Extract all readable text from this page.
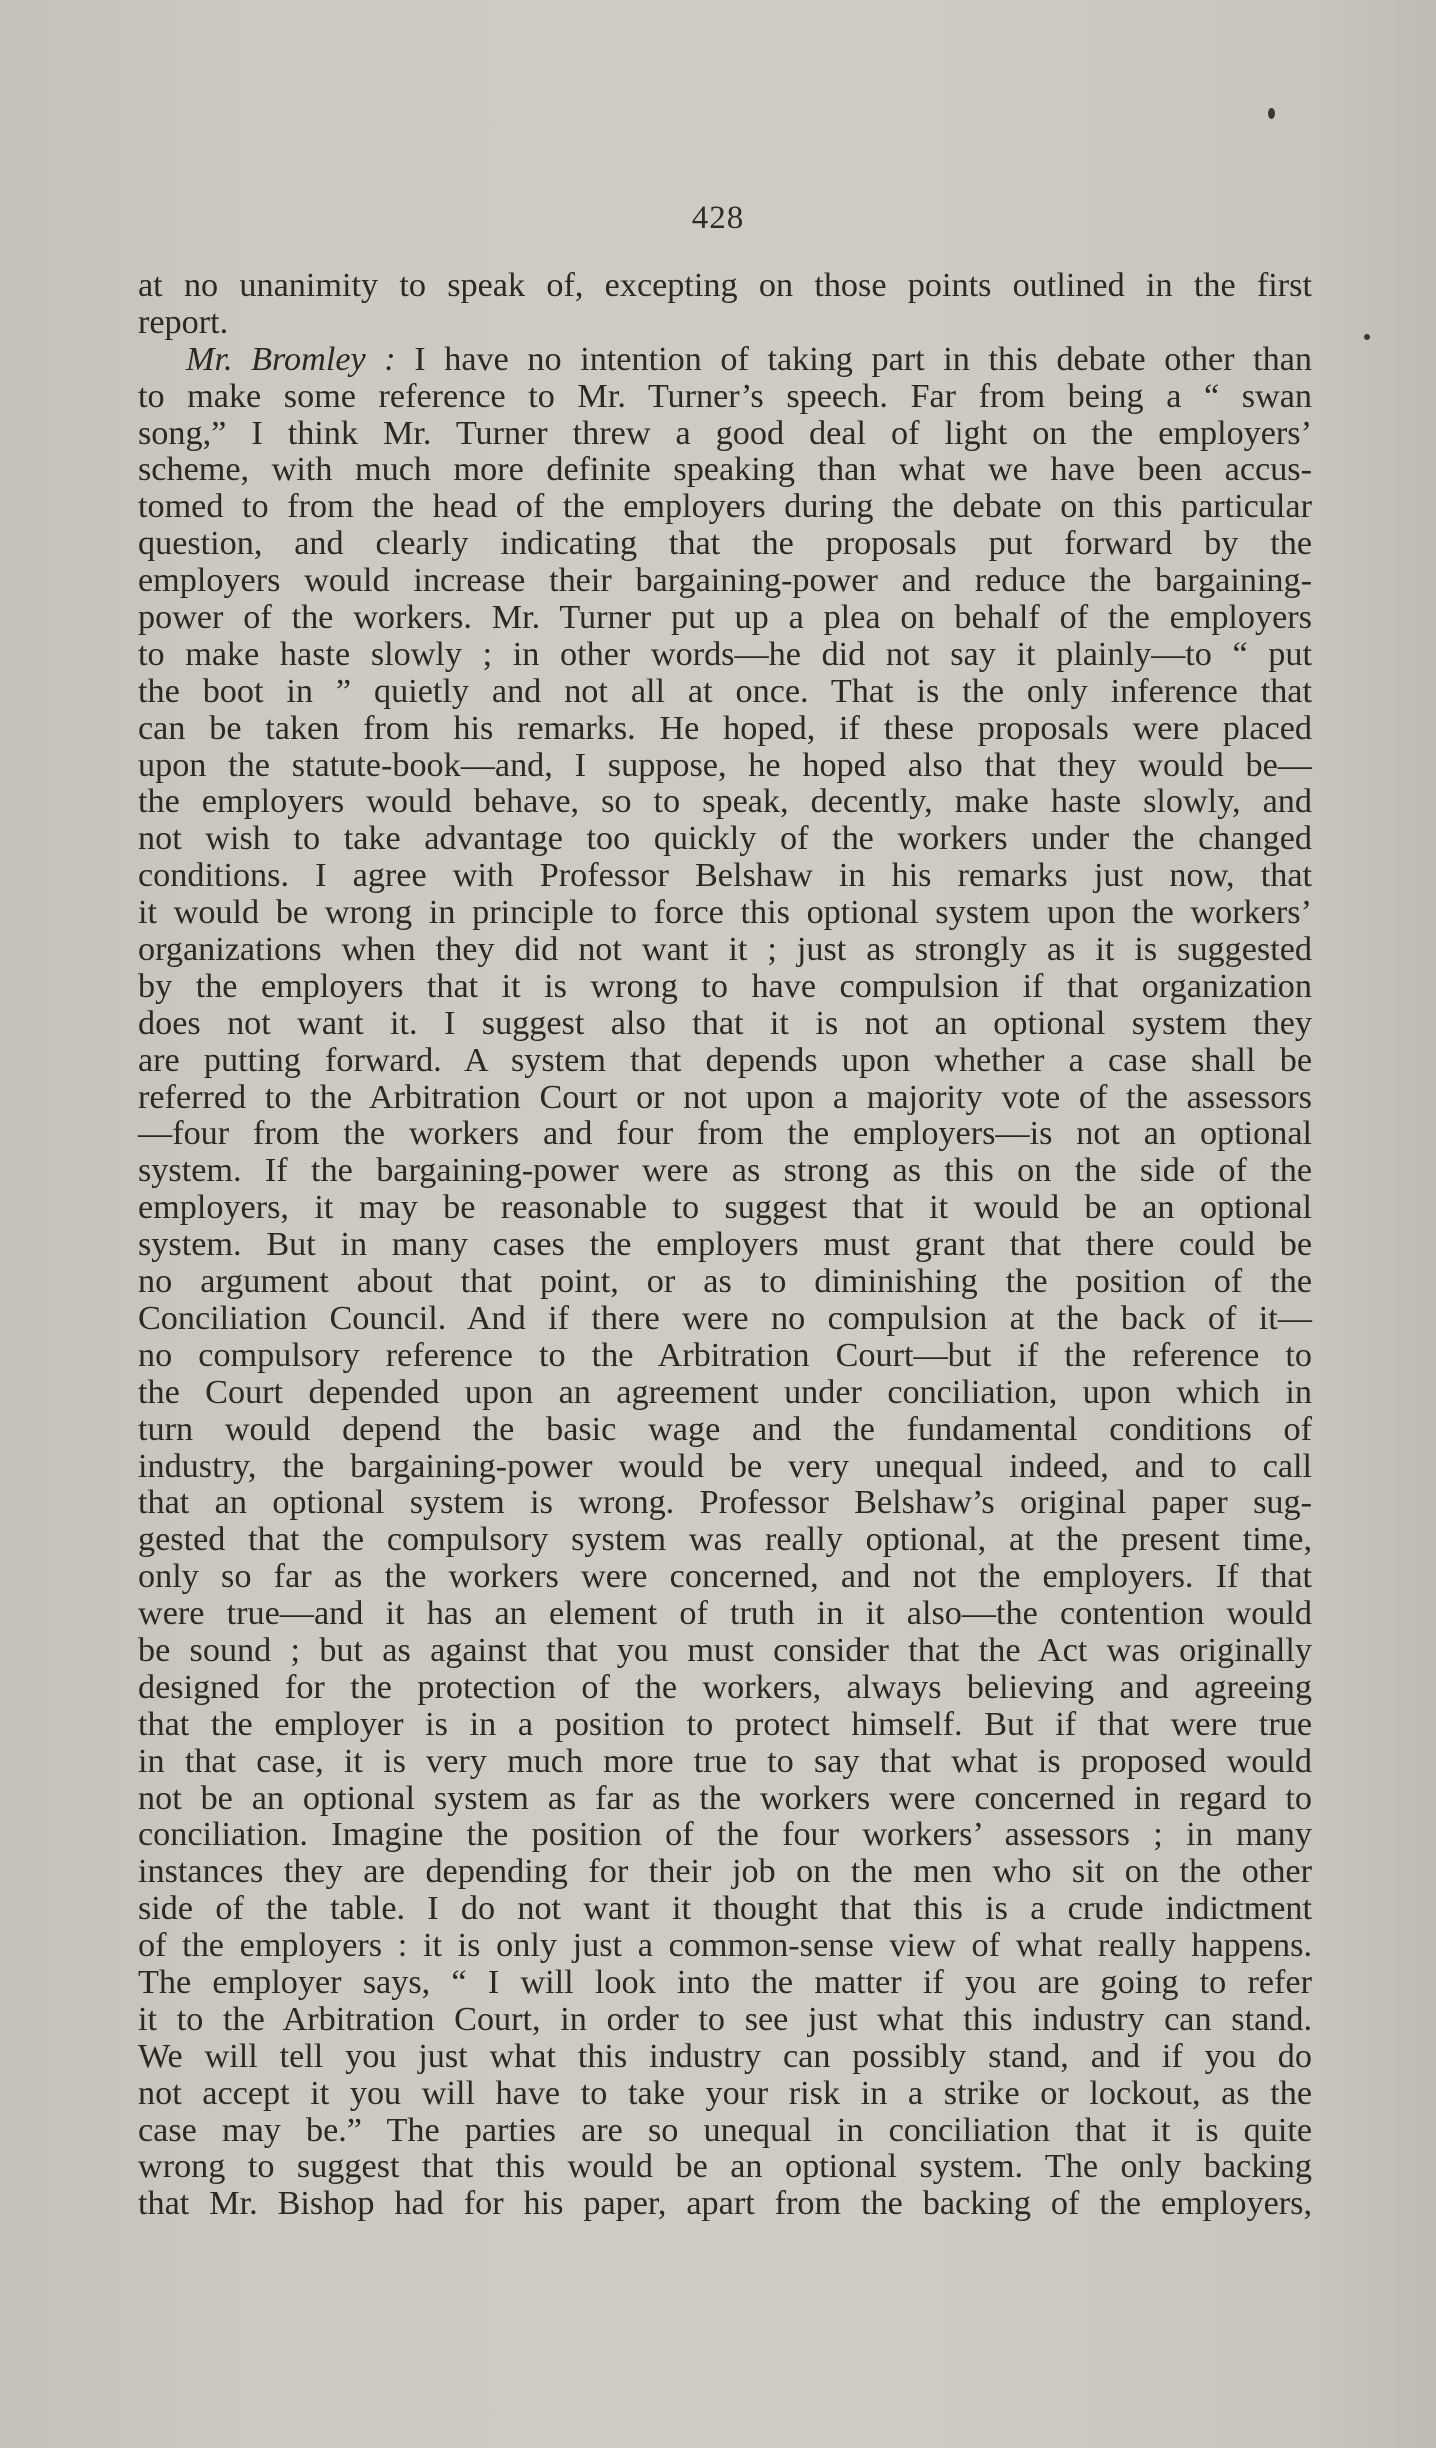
428
at no unanimity to speak of, excepting on those points outlined in the first
report.
Mr. Bromley : I have no intention of taking part in this debate other than
to make some reference to Mr. Turner’s speech. Far from being a “ swan
song,” I think Mr. Turner threw a good deal of light on the employers’
scheme, with much more definite speaking than what we have been accus-
tomed to from the head of the employers during the debate on this particular
question, and clearly indicating that the proposals put forward by the
employers would increase their bargaining-power and reduce the bargaining-
power of the workers. Mr. Turner put up a plea on behalf of the employers
to make haste slowly ; in other words—he did not say it plainly—to “ put
the boot in ” quietly and not all at once. That is the only inference that
can be taken from his remarks. He hoped, if these proposals were placed
upon the statute-book—and, I suppose, he hoped also that they would be—
the employers would behave, so to speak, decently, make haste slowly, and
not wish to take advantage too quickly of the workers under the changed
conditions. I agree with Professor Belshaw in his remarks just now, that
it would be wrong in principle to force this optional system upon the workers’
organizations when they did not want it ; just as strongly as it is suggested
by the employers that it is wrong to have compulsion if that organization
does not want it. I suggest also that it is not an optional system they
are putting forward. A system that depends upon whether a case shall be
referred to the Arbitration Court or not upon a majority vote of the assessors
—four from the workers and four from the employers—is not an optional
system. If the bargaining-power were as strong as this on the side of the
employers, it may be reasonable to suggest that it would be an optional
system. But in many cases the employers must grant that there could be
no argument about that point, or as to diminishing the position of the
Conciliation Council. And if there were no compulsion at the back of it—
no compulsory reference to the Arbitration Court—but if the reference to
the Court depended upon an agreement under conciliation, upon which in
turn would depend the basic wage and the fundamental conditions of
industry, the bargaining-power would be very unequal indeed, and to call
that an optional system is wrong. Professor Belshaw’s original paper sug-
gested that the compulsory system was really optional, at the present time,
only so far as the workers were concerned, and not the employers. If that
were true—and it has an element of truth in it also—the contention would
be sound ; but as against that you must consider that the Act was originally
designed for the protection of the workers, always believing and agreeing
that the employer is in a position to protect himself. But if that were true
in that case, it is very much more true to say that what is proposed would
not be an optional system as far as the workers were concerned in regard to
conciliation. Imagine the position of the four workers’ assessors ; in many
instances they are depending for their job on the men who sit on the other
side of the table. I do not want it thought that this is a crude indictment
of the employers : it is only just a common-sense view of what really happens.
The employer says, “ I will look into the matter if you are going to refer
it to the Arbitration Court, in order to see just what this industry can stand.
We will tell you just what this industry can possibly stand, and if you do
not accept it you will have to take your risk in a strike or lockout, as the
case may be.” The parties are so unequal in conciliation that it is quite
wrong to suggest that this would be an optional system. The only backing
that Mr. Bishop had for his paper, apart from the backing of the employers,
